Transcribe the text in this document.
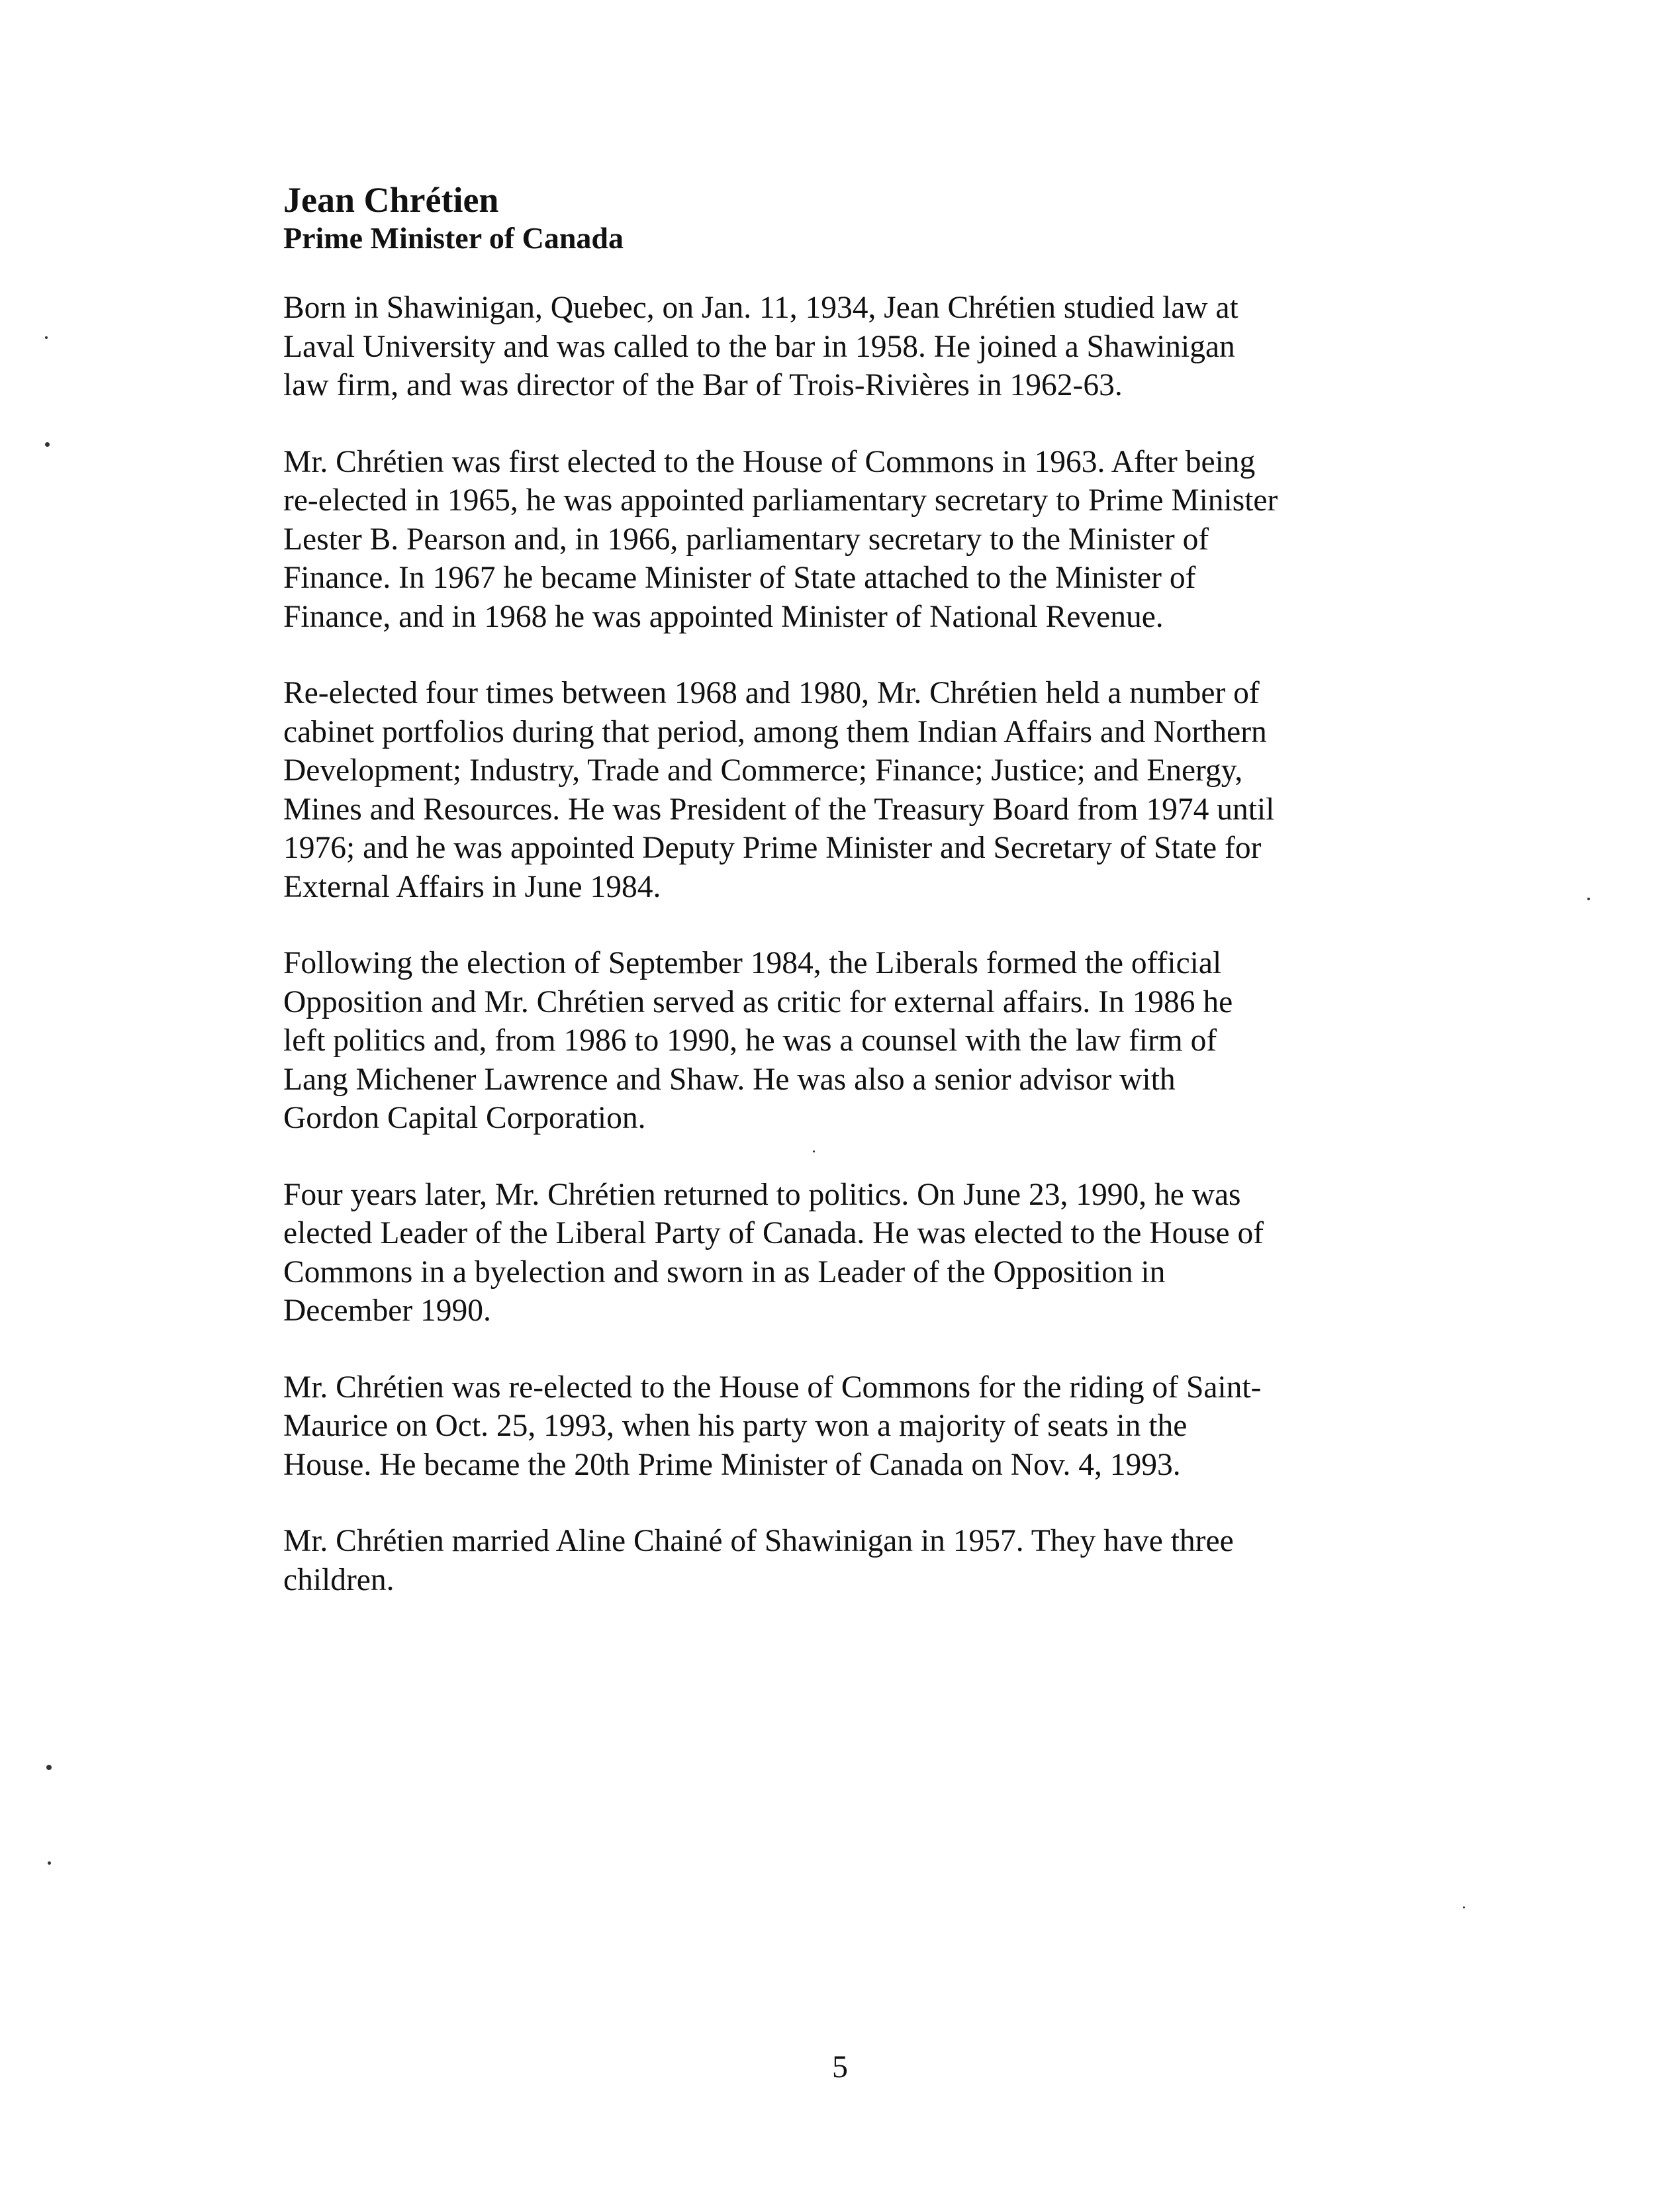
Jean Chrétien
Prime Minister of Canada

Born in Shawinigan, Quebec, on Jan. 11, 1934, Jean Chrétien studied law at
Laval University and was called to the bar in 1958. He joined a Shawinigan
law firm, and was director of the Bar of Trois-Rivières in 1962-63.

Mr. Chrétien was first elected to the House of Commons in 1963. After being
re-elected in 1965, he was appointed parliamentary secretary to Prime Minister
Lester B. Pearson and, in 1966, parliamentary secretary to the Minister of
Finance. In 1967 he became Minister of State attached to the Minister of
Finance, and in 1968 he was appointed Minister of National Revenue.

Re-elected four times between 1968 and 1980, Mr. Chrétien held a number of
cabinet portfolios during that period, among them Indian Affairs and Northern
Development; Industry, Trade and Commerce; Finance; Justice; and Energy,
Mines and Resources. He was President of the Treasury Board from 1974 until
1976; and he was appointed Deputy Prime Minister and Secretary of State for
External Affairs in June 1984.

Following the election of September 1984, the Liberals formed the official
Opposition and Mr. Chrétien served as critic for external affairs. In 1986 he
left politics and, from 1986 to 1990, he was a counsel with the law firm of
Lang Michener Lawrence and Shaw. He was also a senior advisor with
Gordon Capital Corporation.

Four years later, Mr. Chrétien returned to politics. On June 23, 1990, he was
elected Leader of the Liberal Party of Canada. He was elected to the House of
Commons in a byelection and sworn in as Leader of the Opposition in
December 1990.

Mr. Chrétien was re-elected to the House of Commons for the riding of Saint-
Maurice on Oct. 25, 1993, when his party won a majority of seats in the
House. He became the 20th Prime Minister of Canada on Nov. 4, 1993.

Mr. Chrétien married Aline Chainé of Shawinigan in 1957. They have three
children.

5
